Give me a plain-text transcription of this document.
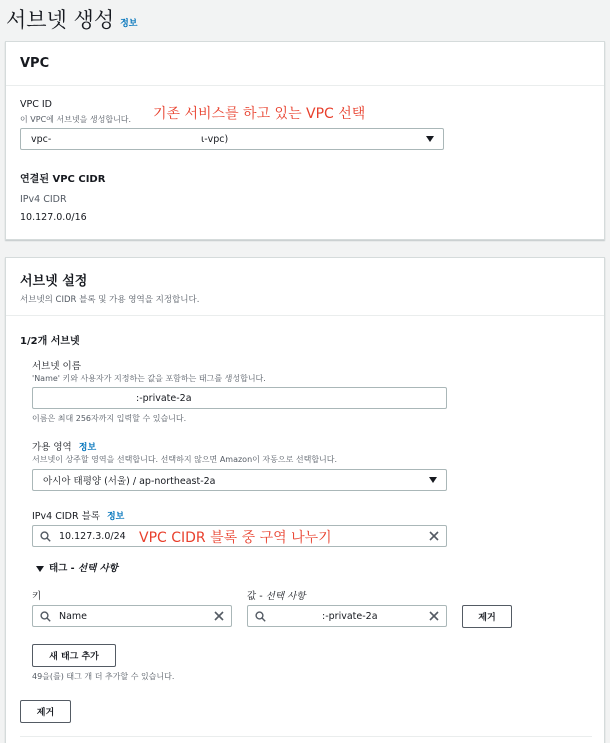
서브넷 생성 정보
VPC
VPC ID
이 VPC에 서브넷을 생성합니다. 기존 서비스를 하고 있는 VPC 선택
vpc-	ι-vpc)
연결된 VPC CIDR
IPv4 CIDR
10.127.0.0/16
서브넷 설정
서브넷의 CIDR 블록 및 가용 영역을 지정합니다.
1/2개 서브넷
서브넷 이름
'Name' 키와 사용자가 지정하는 값을 포함하는 태그를 생성합니다.
:-private-2a
이름은 최대 256자까지 입력할 수 있습니다.
가용 영역 정보
서브넷이 상주할 영역을 선택합니다. 선택하지 않으면 Amazon이 자동으로 선택합니다.
아시아 태평양 (서울) / ap-northeast-2a
IPv4 CIDR 블록 정보
10.127.3.0/24 VPC CIDR 블록 중 구역 나누기
태그 - 선택 사항
키	값 - 선택 사항
Name	:-private-2a	제거
새 태그 추가
49을(를) 태그 개 더 추가할 수 있습니다.
제거
